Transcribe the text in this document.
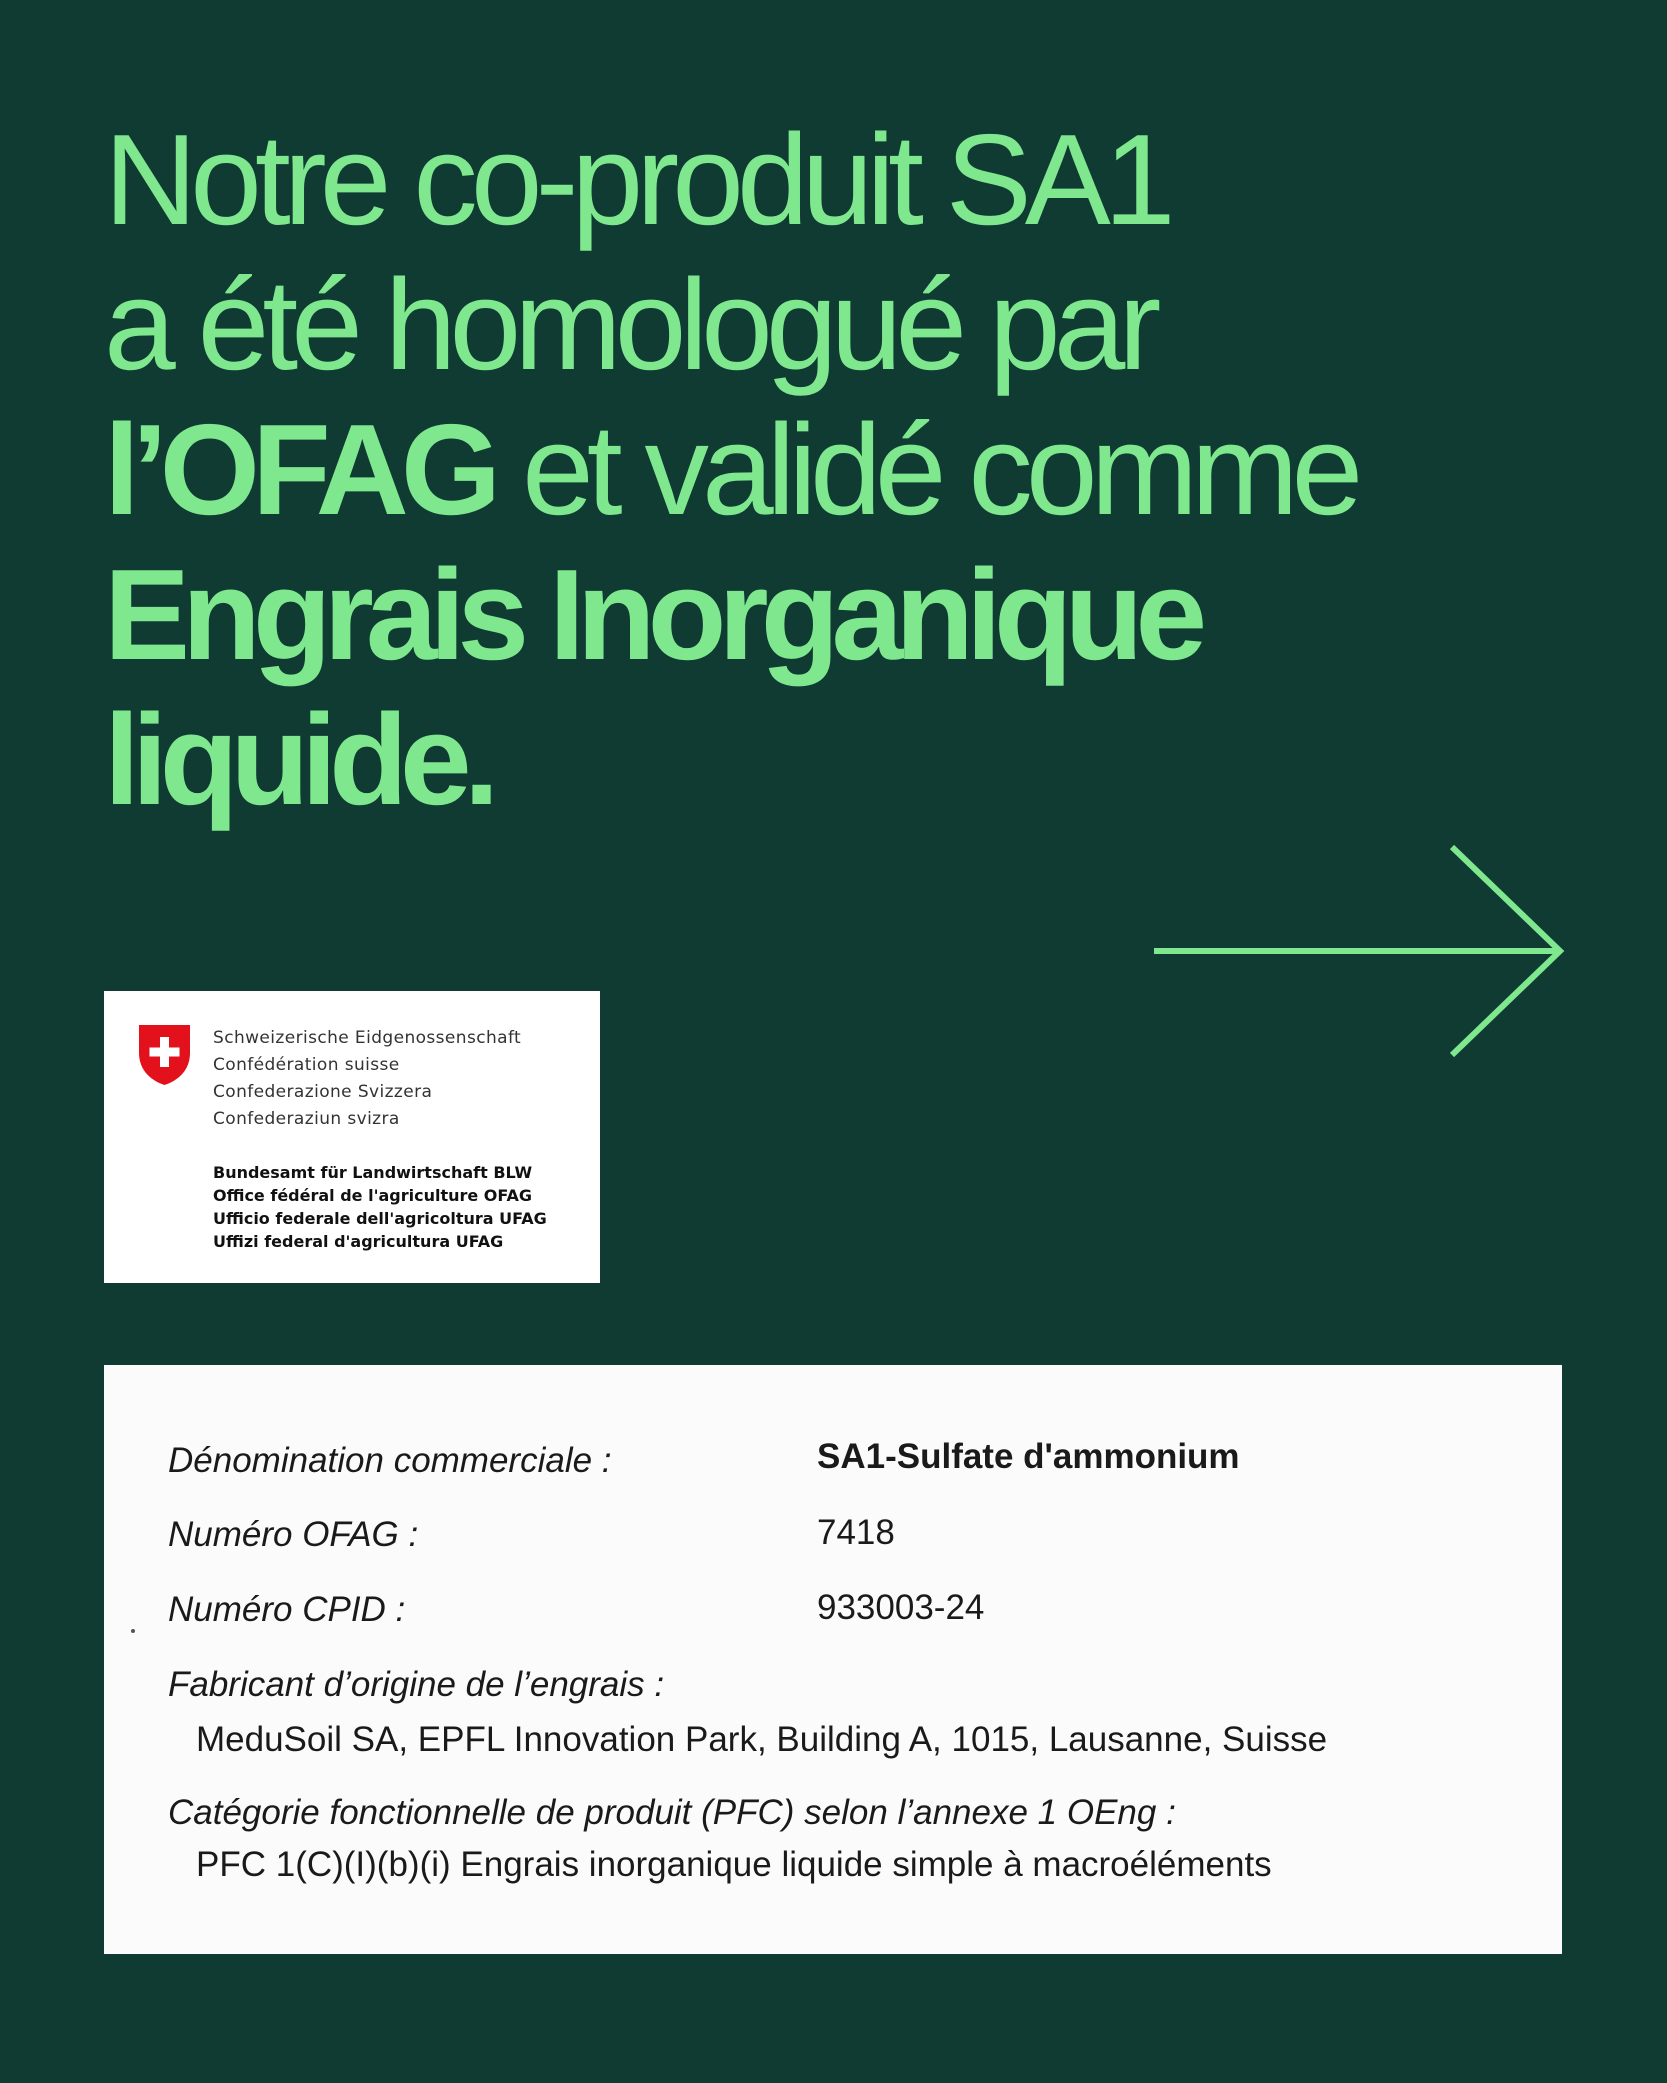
Notre co-produit SA1
a été homologué par
l’OFAG et validé comme
Engrais Inorganique
liquide.
Schweizerische Eidgenossenschaft
Confédération suisse
Confederazione Svizzera
Confederaziun svizra
Bundesamt für Landwirtschaft BLW
Office fédéral de l'agriculture OFAG
Ufficio federale dell'agricoltura UFAG
Uffizi federal d'agricultura UFAG
Dénomination commerciale :	SA1-Sulfate d'ammonium
Numéro OFAG :	7418
Numéro CPID :	933003-24
Fabricant d’origine de l’engrais :
MeduSoil SA, EPFL Innovation Park, Building A, 1015, Lausanne, Suisse
Catégorie fonctionnelle de produit (PFC) selon l’annexe 1 OEng :
PFC 1(C)(I)(b)(i) Engrais inorganique liquide simple à macroéléments
